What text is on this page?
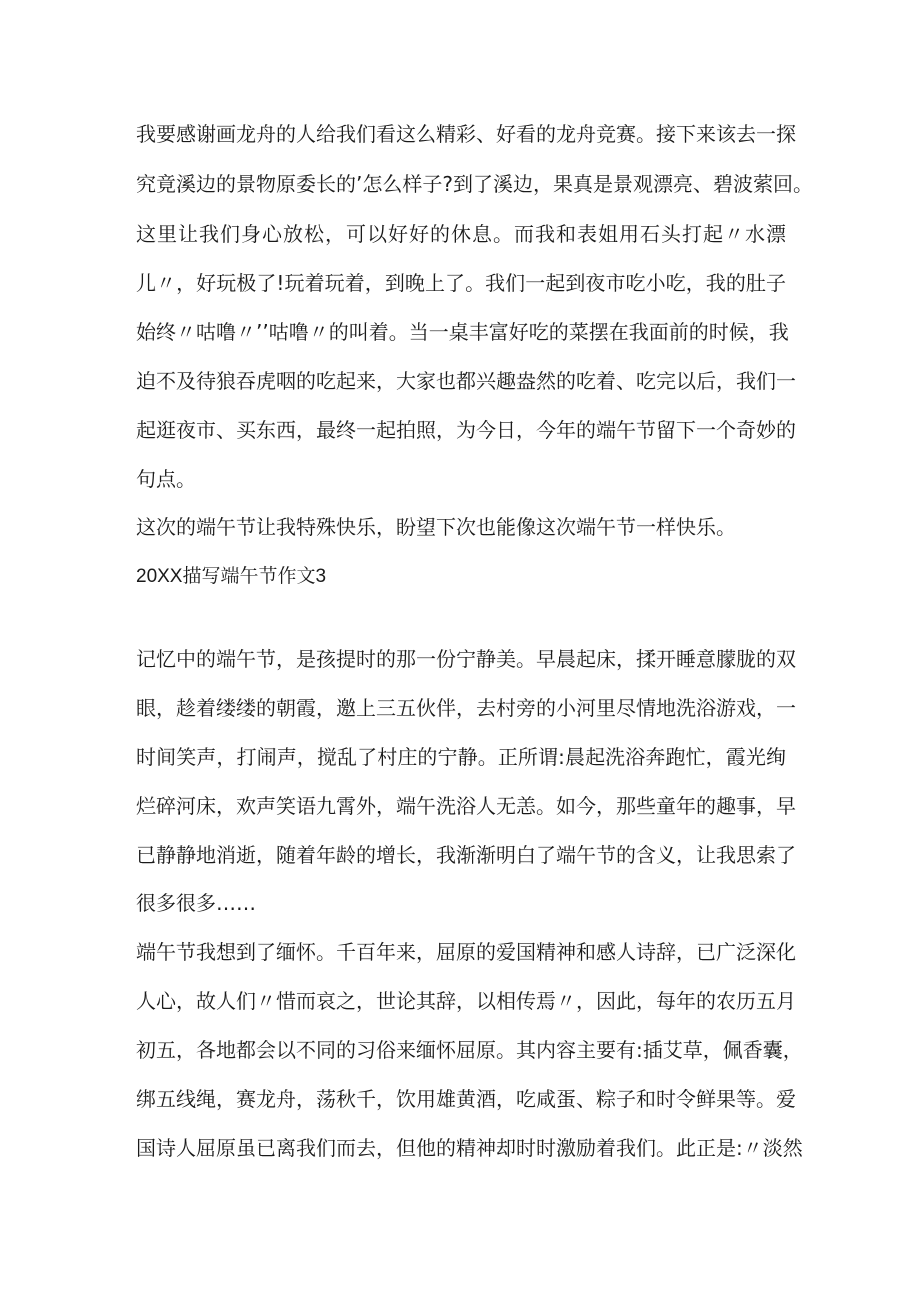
我要感谢画龙舟的人给我们看这么精彩、好看的龙舟竞赛。接下来该去一探
究竟溪边的景物原委长的’怎么样子?到了溪边，果真是景观漂亮、碧波萦回。
这里让我们身心放松，可以好好的休息。而我和表姐用石头打起〃水漂
儿〃，好玩极了!玩着玩着，到晚上了。我们一起到夜市吃小吃，我的肚子
始终〃咕噜〃’’咕噜〃的叫着。当一桌丰富好吃的菜摆在我面前的时候，我
迫不及待狼吞虎咽的吃起来，大家也都兴趣盎然的吃着、吃完以后，我们一
起逛夜市、买东西，最终一起拍照，为今日，今年的端午节留下一个奇妙的
句点。
这次的端午节让我特殊快乐，盼望下次也能像这次端午节一样快乐。
20XX描写端午节作文3
记忆中的端午节，是孩提时的那一份宁静美。早晨起床，揉开睡意朦胧的双
眼，趁着缕缕的朝霞，邀上三五伙伴，去村旁的小河里尽情地洗浴游戏，一
时间笑声，打闹声，搅乱了村庄的宁静。正所谓:晨起洗浴奔跑忙，霞光绚
烂碎河床，欢声笑语九霄外，端午洗浴人无恙。如今，那些童年的趣事，早
已静静地消逝，随着年龄的增长，我渐渐明白了端午节的含义，让我思索了
很多很多……
端午节我想到了缅怀。千百年来，屈原的爱国精神和感人诗辞，已广泛深化
人心，故人们〃惜而哀之，世论其辞，以相传焉〃，因此，每年的农历五月
初五，各地都会以不同的习俗来缅怀屈原。其内容主要有:插艾草，佩香囊，
绑五线绳，赛龙舟，荡秋千，饮用雄黄酒，吃咸蛋、粽子和时令鲜果等。爱
国诗人屈原虽已离我们而去，但他的精神却时时激励着我们。此正是:〃淡然
